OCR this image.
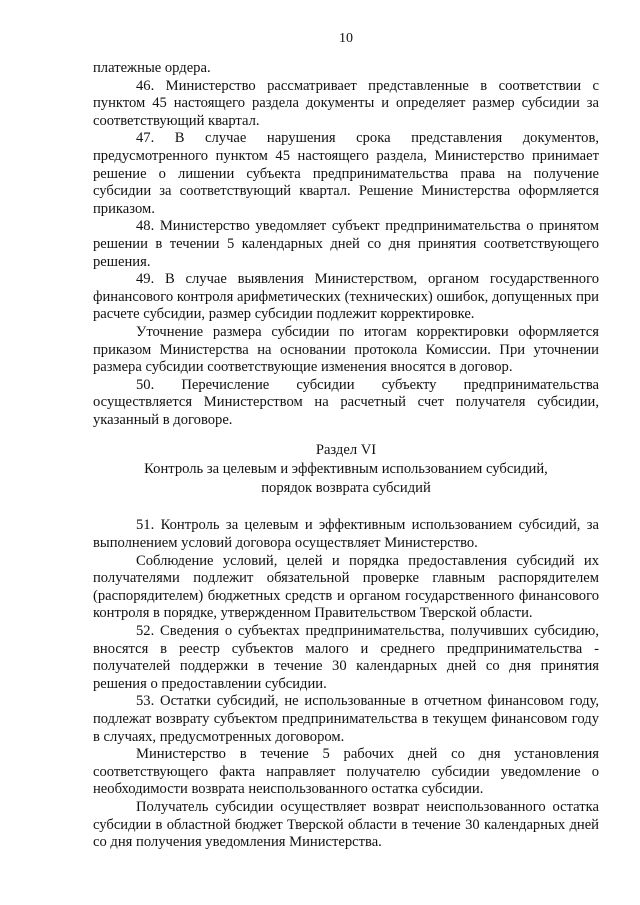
10

платежные ордера.

46. Министерство рассматривает представленные в соответствии с пунктом 45 настоящего раздела документы и определяет размер субсидии за соответствующий квартал.

47. В случае нарушения срока представления документов, предусмотренного пунктом 45 настоящего раздела, Министерство принимает решение о лишении субъекта предпринимательства права на получение субсидии за соответствующий квартал. Решение Министерства оформляется приказом.

48. Министерство уведомляет субъект предпринимательства о принятом решении в течении 5 календарных дней со дня принятия соответствующего решения.

49. В случае выявления Министерством, органом государственного финансового контроля арифметических (технических) ошибок, допущенных при расчете субсидии, размер субсидии подлежит корректировке.

Уточнение размера субсидии по итогам корректировки оформляется приказом Министерства на основании протокола Комиссии. При уточнении размера субсидии соответствующие изменения вносятся в договор.

50. Перечисление субсидии субъекту предпринимательства осуществляется Министерством на расчетный счет получателя субсидии, указанный в договоре.

Раздел VI
Контроль за целевым и эффективным использованием субсидий,
порядок возврата субсидий

51. Контроль за целевым и эффективным использованием субсидий, за выполнением условий договора осуществляет Министерство.

Соблюдение условий, целей и порядка предоставления субсидий их получателями подлежит обязательной проверке главным распорядителем (распорядителем) бюджетных средств и органом государственного финансового контроля в порядке, утвержденном Правительством Тверской области.

52. Сведения о субъектах предпринимательства, получивших субсидию, вносятся в реестр субъектов малого и среднего предпринимательства - получателей поддержки в течение 30 календарных дней со дня принятия решения о предоставлении субсидии.

53. Остатки субсидий, не использованные в отчетном финансовом году, подлежат возврату субъектом предпринимательства в текущем финансовом году в случаях, предусмотренных договором.

Министерство в течение 5 рабочих дней со дня установления соответствующего факта направляет получателю субсидии уведомление о необходимости возврата неиспользованного остатка субсидии.

Получатель субсидии осуществляет возврат неиспользованного остатка субсидии в областной бюджет Тверской области в течение 30 календарных дней со дня получения уведомления Министерства.
